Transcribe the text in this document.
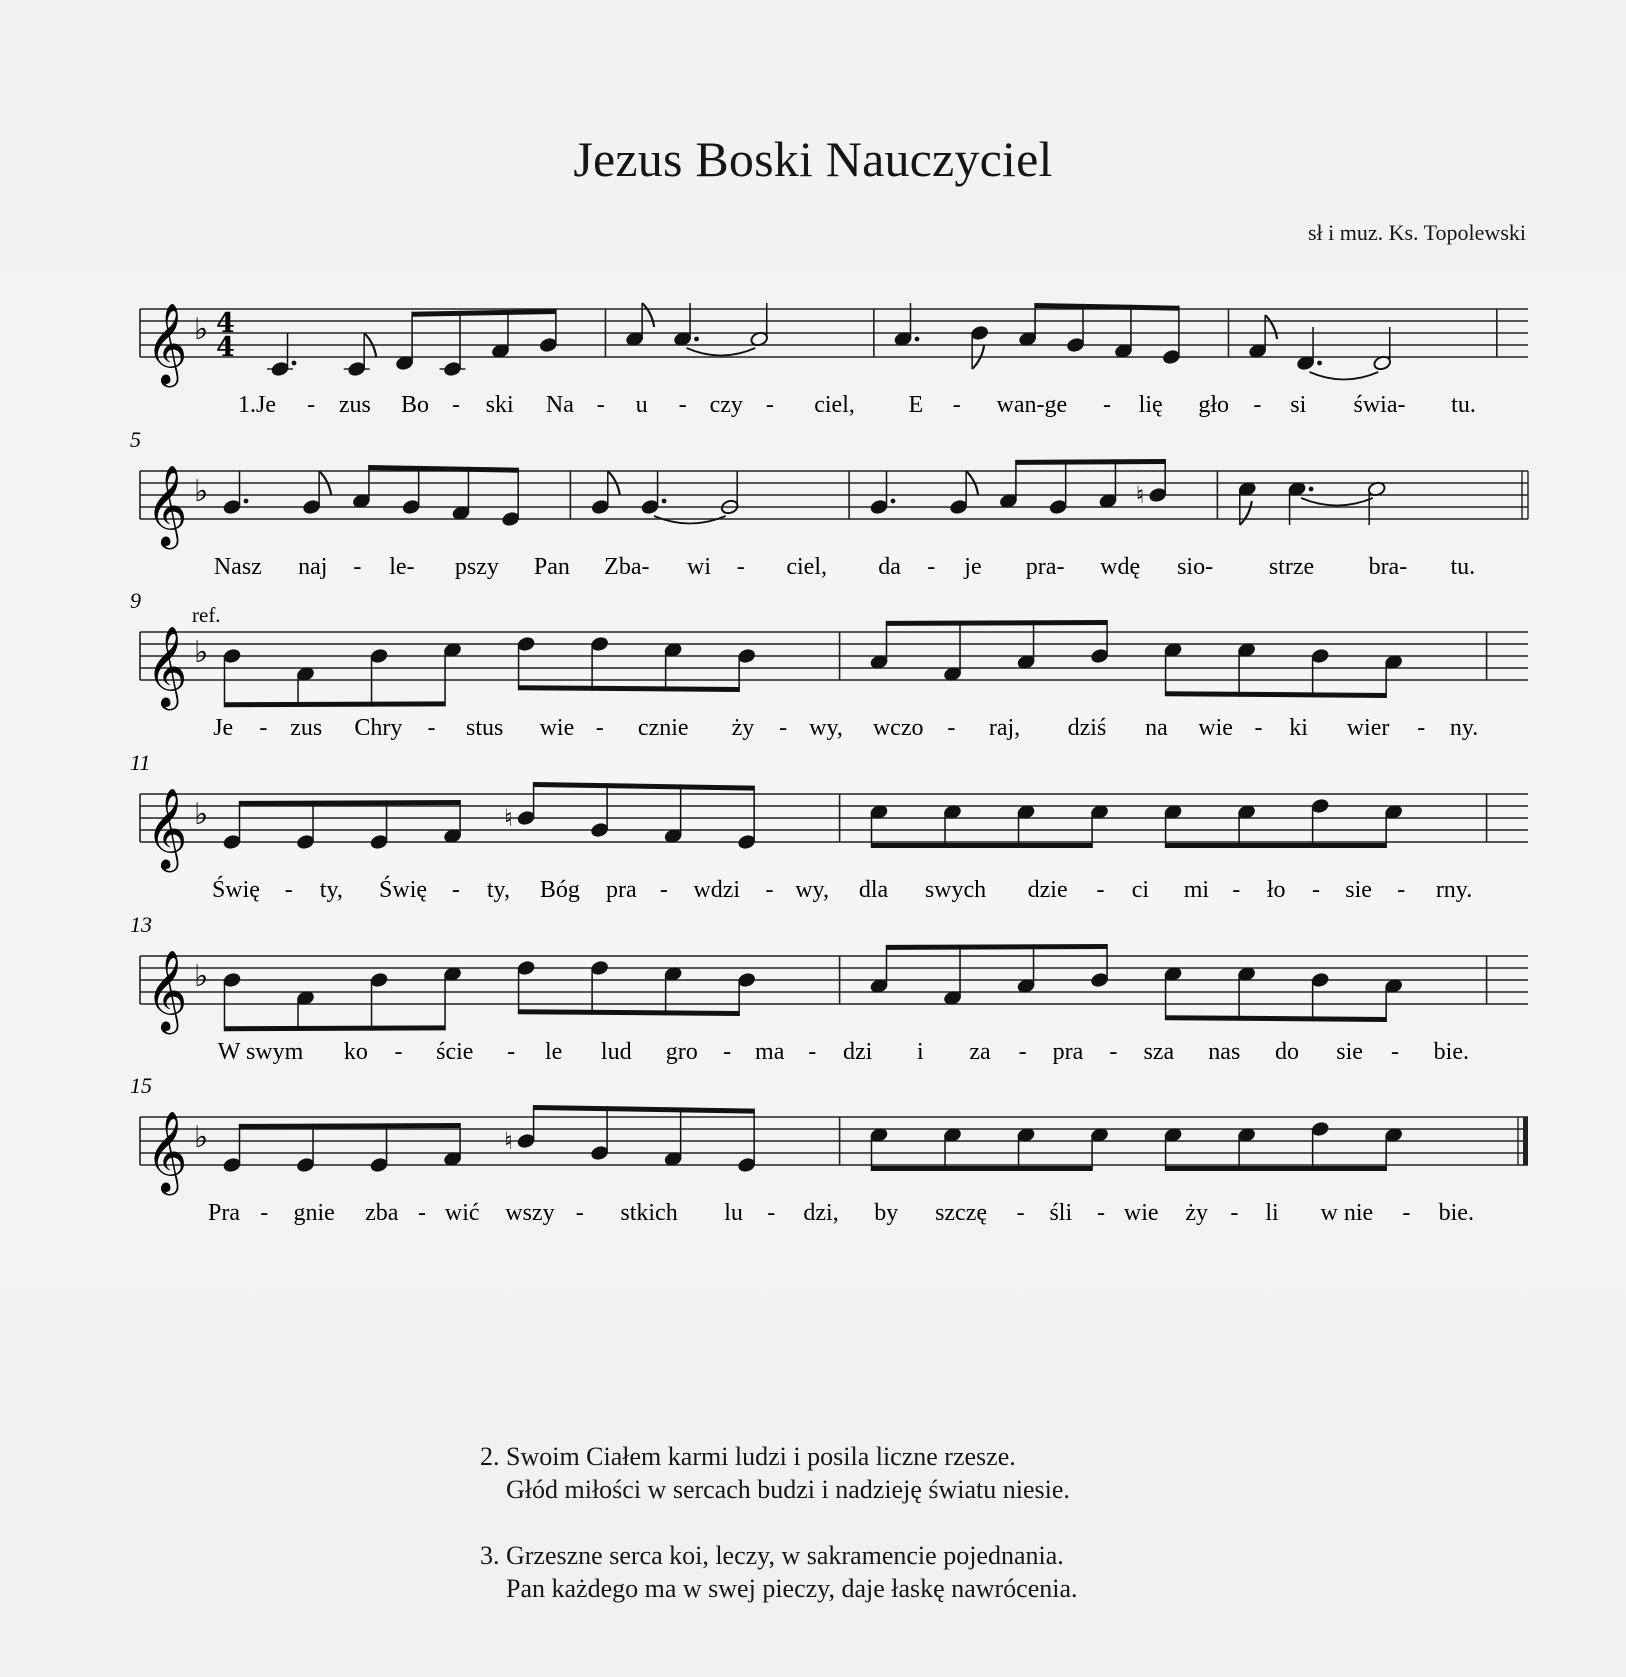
Jezus Boski Nauczyciel
sł i muz. Ks. Topolewski
𝄞 ♭ 4
4
1.Je - zus Bo - ski Na - u - czy - ciel, E - wan-ge - lię gło - si świa- tu.
𝄞 ♭
5
♮
Nasz naj - le- pszy Pan Zba- wi - ciel, da - je pra- wdę sio- strze bra- tu.
𝄞 ♭
9
ref.
Je - zus Chry - stus wie - cznie ży - wy, wczo - raj, dziś na wie - ki wier - ny.
𝄞 ♭
11
♮
Świę - ty, Świę - ty, Bóg pra - wdzi - wy, dla swych dzie - ci mi - ło - sie - rny.
𝄞 ♭
13
W swym ko - ście - le lud gro - ma - dzi i za - pra - sza nas do sie - bie.
𝄞 ♭
15
♮
Pra - gnie zba - wić wszy - stkich lu - dzi, by szczę - śli - wie ży - li w nie - bie.
2. Swoim Ciałem karmi ludzi i posila liczne rzesze.
Głód miłości w sercach budzi i nadzieję światu niesie.
3. Grzeszne serca koi, leczy, w sakramencie pojednania.
Pan każdego ma w swej pieczy, daje łaskę nawrócenia.
